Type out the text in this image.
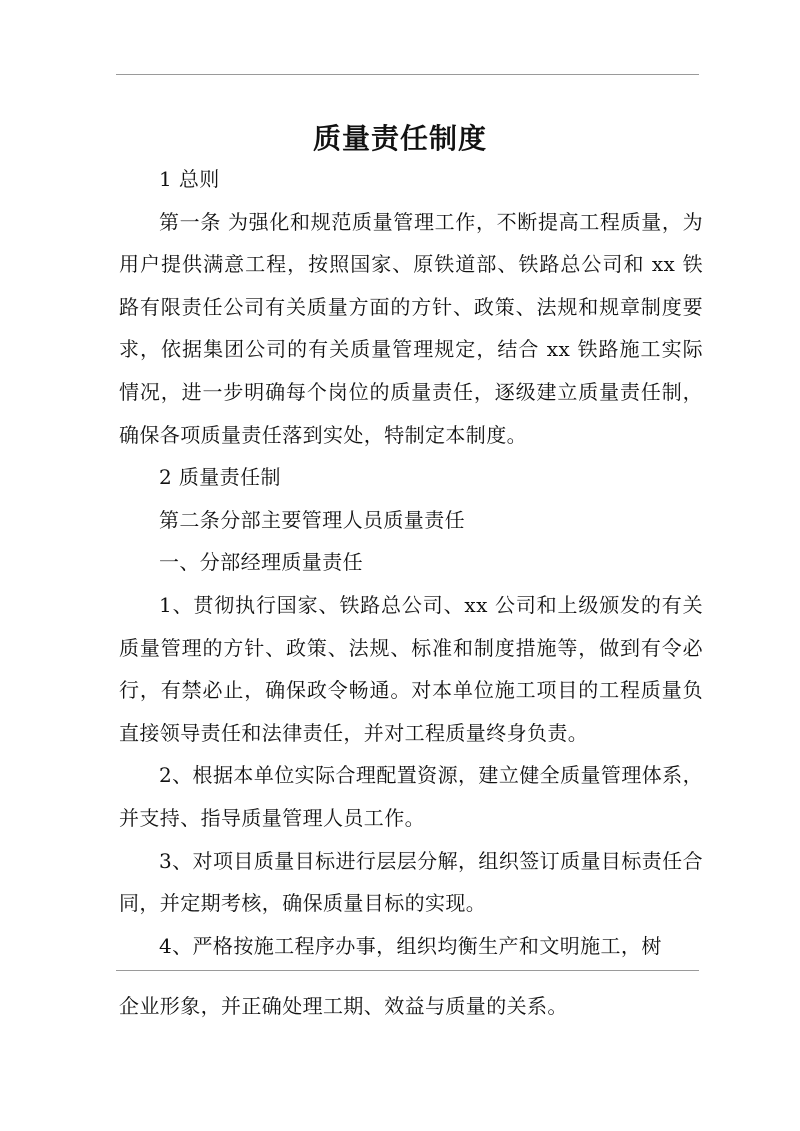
质量责任制度

1 总则

第一条 为强化和规范质量管理工作，不断提高工程质量，为用户提供满意工程，按照国家、原铁道部、铁路总公司和 xx 铁路有限责任公司有关质量方面的方针、政策、法规和规章制度要求，依据集团公司的有关质量管理规定，结合 xx 铁路施工实际情况，进一步明确每个岗位的质量责任，逐级建立质量责任制，确保各项质量责任落到实处，特制定本制度。

2 质量责任制

第二条分部主要管理人员质量责任

一、分部经理质量责任

1、贯彻执行国家、铁路总公司、xx 公司和上级颁发的有关质量管理的方针、政策、法规、标准和制度措施等，做到有令必行，有禁必止，确保政令畅通。对本单位施工项目的工程质量负直接领导责任和法律责任，并对工程质量终身负责。

2、根据本单位实际合理配置资源，建立健全质量管理体系，并支持、指导质量管理人员工作。

3、对项目质量目标进行层层分解，组织签订质量目标责任合同，并定期考核，确保质量目标的实现。

4、严格按施工程序办事，组织均衡生产和文明施工，树

企业形象，并正确处理工期、效益与质量的关系。
